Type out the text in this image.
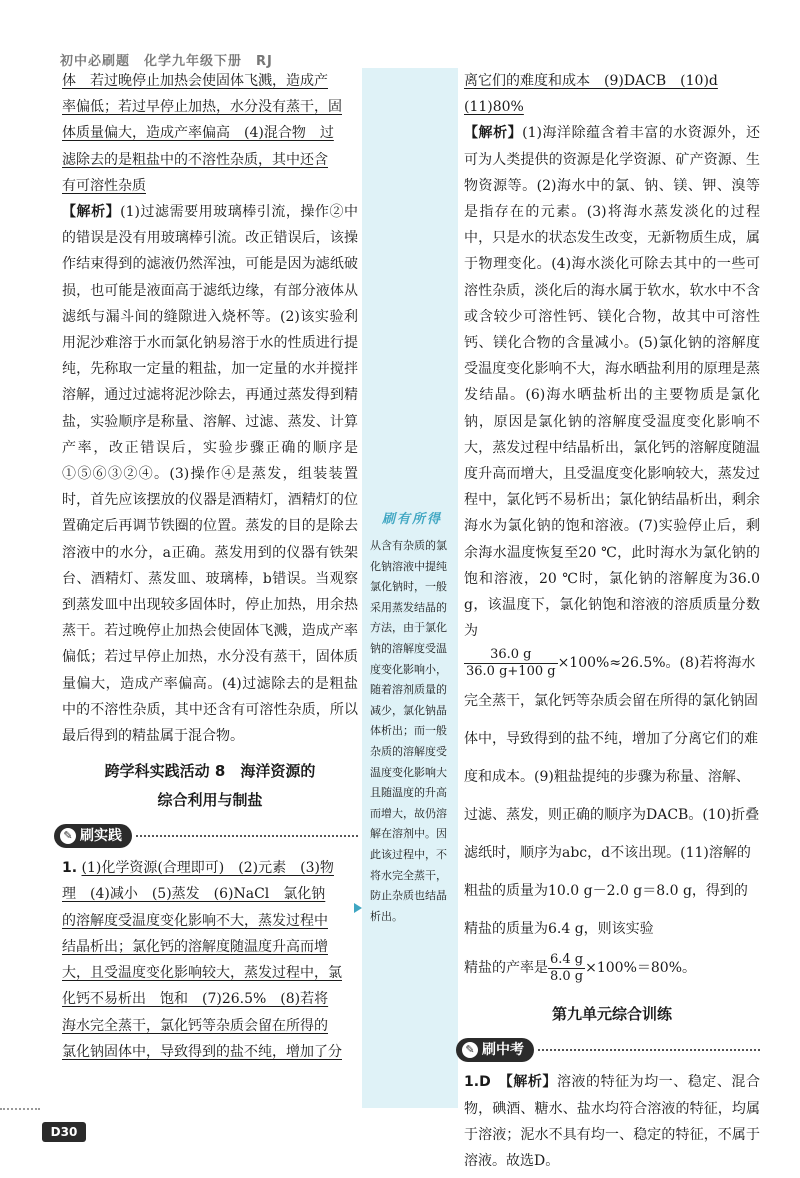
初中必刷题　化学九年级下册　RJ

体　若过晚停止加热会使固体飞溅，造成产

率偏低；若过早停止加热，水分没有蒸干，固

体质量偏大，造成产率偏高　(4)混合物　过

滤除去的是粗盐中的不溶性杂质，其中还含

有可溶性杂质

【解析】(1)过滤需要用玻璃棒引流，操作②中的错误是没有用玻璃棒引流。改正错误后，该操作结束得到的滤液仍然浑浊，可能是因为滤纸破损，也可能是液面高于滤纸边缘，有部分液体从滤纸与漏斗间的缝隙进入烧杯等。(2)该实验利用泥沙难溶于水而氯化钠易溶于水的性质进行提纯，先称取一定量的粗盐，加一定量的水并搅拌溶解，通过过滤将泥沙除去，再通过蒸发得到精盐，实验顺序是称量、溶解、过滤、蒸发、计算产率，改正错误后，实验步骤正确的顺序是①⑤⑥③②④。(3)操作④是蒸发，组装装置时，首先应该摆放的仪器是酒精灯，酒精灯的位置确定后再调节铁圈的位置。蒸发的目的是除去溶液中的水分，a正确。蒸发用到的仪器有铁架台、酒精灯、蒸发皿、玻璃棒，b错误。当观察到蒸发皿中出现较多固体时，停止加热，用余热蒸干。若过晚停止加热会使固体飞溅，造成产率偏低；若过早停止加热，水分没有蒸干，固体质量偏大，造成产率偏高。(4)过滤除去的是粗盐中的不溶性杂质，其中还含有可溶性杂质，所以最后得到的精盐属于混合物。

跨学科实践活动 8　海洋资源的
综合利用与制盐
✎ 刷实践

1. (1)化学资源(合理即可)　(2)元素　(3)物

理　(4)减小　(5)蒸发　(6)NaCl　氯化钠

的溶解度受温度变化影响不大，蒸发过程中

结晶析出；氯化钙的溶解度随温度升高而增

大，且受温度变化影响较大，蒸发过程中，氯

化钙不易析出　饱和　(7)26.5%　(8)若将

海水完全蒸干，氯化钙等杂质会留在所得的

氯化钠固体中，导致得到的盐不纯，增加了分

刷有所得
从含有杂质的氯化钠溶液中提纯氯化钠时，一般采用蒸发结晶的方法，由于氯化钠的溶解度受温度变化影响小，随着溶剂质量的减少，氯化钠晶体析出；而一般杂质的溶解度受温度变化影响大且随温度的升高而增大，故仍溶解在溶剂中。因此该过程中，不将水完全蒸干，防止杂质也结晶析出。

离它们的难度和成本　(9)DACB　(10)d

(11)80%

【解析】(1)海洋除蕴含着丰富的水资源外，还可为人类提供的资源是化学资源、矿产资源、生物资源等。(2)海水中的氯、钠、镁、钾、溴等是指存在的元素。(3)将海水蒸发淡化的过程中，只是水的状态发生改变，无新物质生成，属于物理变化。(4)海水淡化可除去其中的一些可溶性杂质，淡化后的海水属于软水，软水中不含或含较少可溶性钙、镁化合物，故其中可溶性钙、镁化合物的含量减小。(5)氯化钠的溶解度受温度变化影响不大，海水晒盐利用的原理是蒸发结晶。(6)海水晒盐析出的主要物质是氯化钠，原因是氯化钠的溶解度受温度变化影响不大，蒸发过程中结晶析出，氯化钙的溶解度随温度升高而增大，且受温度变化影响较大，蒸发过程中，氯化钙不易析出；氯化钠结晶析出，剩余海水为氯化钠的饱和溶液。(7)实验停止后，剩余海水温度恢复至20 ℃，此时海水为氯化钠的饱和溶液，20 ℃时，氯化钠的溶解度为36.0 g，该温度下，氯化钠饱和溶液的溶质质量分数为

$\frac{36.0 g}{36.0 g+100 g} \times 100\%\approx 26.5\%$。(8)若将海水完全蒸干，氯化钙等杂质会留在所得的氯化钠固体中，导致得到的盐不纯，增加了分离它们的难度和成本。(9)粗盐提纯的步骤为称量、溶解、过滤、蒸发，则正确的顺序为DACB。(10)折叠滤纸时，顺序为abc，d不该出现。(11)溶解的粗盐的质量为10.0 g－2.0 g＝8.0 g，得到的精盐的质量为6.4 g，则该实验

精盐的产率是 $\frac{6.4 g}{8.0 g} \times 100\%=80\%$。

第九单元综合训练
✎ 刷中考

1.D　 【解析】溶液的特征为均一、稳定、混合物，碘酒、糖水、盐水均符合溶液的特征，均属于溶液；泥水不具有均一、稳定的特征，不属于溶液。故选D。

D30
